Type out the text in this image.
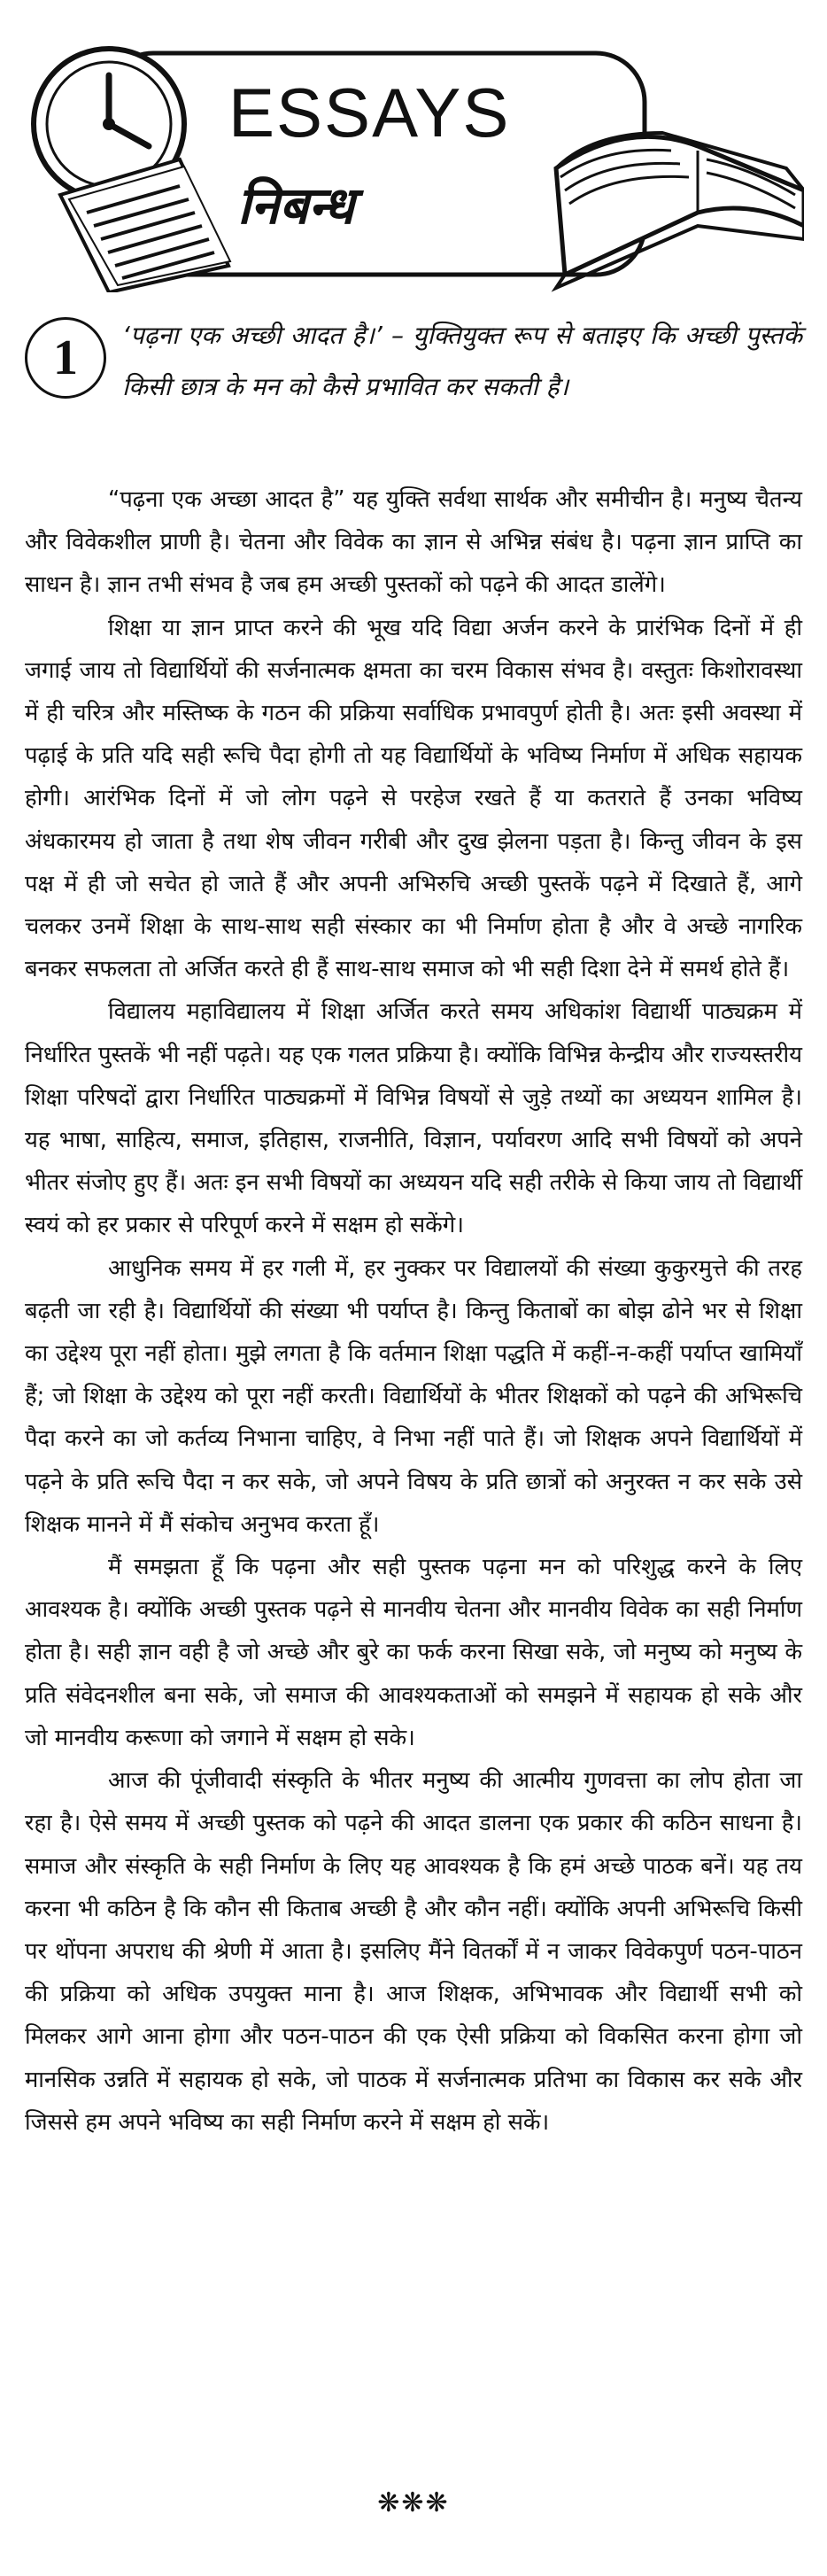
ESSAYS
निबन्ध
1	‘पढ़ना एक अच्छी आदत है।’ – युक्तियुक्त रूप से बताइए कि अच्छी पुस्तकें किसी छात्र के मन को कैसे प्रभावित कर सकती है।

“पढ़ना एक अच्छा आदत है” यह युक्ति सर्वथा सार्थक और समीचीन है। मनुष्य चैतन्य और विवेकशील प्राणी है। चेतना और विवेक का ज्ञान से अभिन्न संबंध है। पढ़ना ज्ञान प्राप्ति का साधन है। ज्ञान तभी संभव है जब हम अच्छी पुस्तकों को पढ़ने की आदत डालेंगे।

शिक्षा या ज्ञान प्राप्त करने की भूख यदि विद्या अर्जन करने के प्रारंभिक दिनों में ही जगाई जाय तो विद्यार्थियों की सर्जनात्मक क्षमता का चरम विकास संभव है। वस्तुतः किशोरावस्था में ही चरित्र और मस्तिष्क के गठन की प्रक्रिया सर्वाधिक प्रभावपुर्ण होती है। अतः इसी अवस्था में पढ़ाई के प्रति यदि सही रूचि पैदा होगी तो यह विद्यार्थियों के भविष्य निर्माण में अधिक सहायक होगी। आरंभिक दिनों में जो लोग पढ़ने से परहेज रखते हैं या कतराते हैं उनका भविष्य अंधकारमय हो जाता है तथा शेष जीवन गरीबी और दुख झेलना पड़ता है। किन्तु जीवन के इस पक्ष में ही जो सचेत हो जाते हैं और अपनी अभिरुचि अच्छी पुस्तकें पढ़ने में दिखाते हैं, आगे चलकर उनमें शिक्षा के साथ-साथ सही संस्कार का भी निर्माण होता है और वे अच्छे नागरिक बनकर सफलता तो अर्जित करते ही हैं साथ-साथ समाज को भी सही दिशा देने में समर्थ होते हैं।

विद्यालय महाविद्यालय में शिक्षा अर्जित करते समय अधिकांश विद्यार्थी पाठ्यक्रम में निर्धारित पुस्तकें भी नहीं पढ़ते। यह एक गलत प्रक्रिया है। क्योंकि विभिन्न केन्द्रीय और राज्यस्तरीय शिक्षा परिषदों द्वारा निर्धारित पाठ्यक्रमों में विभिन्न विषयों से जुड़े तथ्यों का अध्ययन शामिल है। यह भाषा, साहित्य, समाज, इतिहास, राजनीति, विज्ञान, पर्यावरण आदि सभी विषयों को अपने भीतर संजोए हुए हैं। अतः इन सभी विषयों का अध्ययन यदि सही तरीके से किया जाय तो विद्यार्थी स्वयं को हर प्रकार से परिपूर्ण करने में सक्षम हो सकेंगे।

आधुनिक समय में हर गली में, हर नुक्कर पर विद्यालयों की संख्या कुकुरमुत्ते की तरह बढ़ती जा रही है। विद्यार्थियों की संख्या भी पर्याप्त है। किन्तु किताबों का बोझ ढोने भर से शिक्षा का उद्देश्य पूरा नहीं होता। मुझे लगता है कि वर्तमान शिक्षा पद्धति में कहीं-न-कहीं पर्याप्त खामियाँ हैं; जो शिक्षा के उद्देश्य को पूरा नहीं करती। विद्यार्थियों के भीतर शिक्षकों को पढ़ने की अभिरूचि पैदा करने का जो कर्तव्य निभाना चाहिए, वे निभा नहीं पाते हैं। जो शिक्षक अपने विद्यार्थियों में पढ़ने के प्रति रूचि पैदा न कर सके, जो अपने विषय के प्रति छात्रों को अनुरक्त न कर सके उसे शिक्षक मानने में मैं संकोच अनुभव करता हूँ।

मैं समझता हूँ कि पढ़ना और सही पुस्तक पढ़ना मन को परिशुद्ध करने के लिए आवश्यक है। क्योंकि अच्छी पुस्तक पढ़ने से मानवीय चेतना और मानवीय विवेक का सही निर्माण होता है। सही ज्ञान वही है जो अच्छे और बुरे का फर्क करना सिखा सके, जो मनुष्य को मनुष्य के प्रति संवेदनशील बना सके, जो समाज की आवश्यकताओं को समझने में सहायक हो सके और जो मानवीय करूणा को जगाने में सक्षम हो सके।

आज की पूंजीवादी संस्कृति के भीतर मनुष्य की आत्मीय गुणवत्ता का लोप होता जा रहा है। ऐसे समय में अच्छी पुस्तक को पढ़ने की आदत डालना एक प्रकार की कठिन साधना है। समाज और संस्कृति के सही निर्माण के लिए यह आवश्यक है कि हमं अच्छे पाठक बनें। यह तय करना भी कठिन है कि कौन सी किताब अच्छी है और कौन नहीं। क्योंकि अपनी अभिरूचि किसी पर थोंपना अपराध की श्रेणी में आता है। इसलिए मैंने वितर्कों में न जाकर विवेकपुर्ण पठन-पाठन की प्रक्रिया को अधिक उपयुक्त माना है। आज शिक्षक, अभिभावक और विद्यार्थी सभी को मिलकर आगे आना होगा और पठन-पाठन की एक ऐसी प्रक्रिया को विकसित करना होगा जो मानसिक उन्नति में सहायक हो सके, जो पाठक में सर्जनात्मक प्रतिभा का विकास कर सके और जिससे हम अपने भविष्य का सही निर्माण करने में सक्षम हो सकें।

❋❋❋
